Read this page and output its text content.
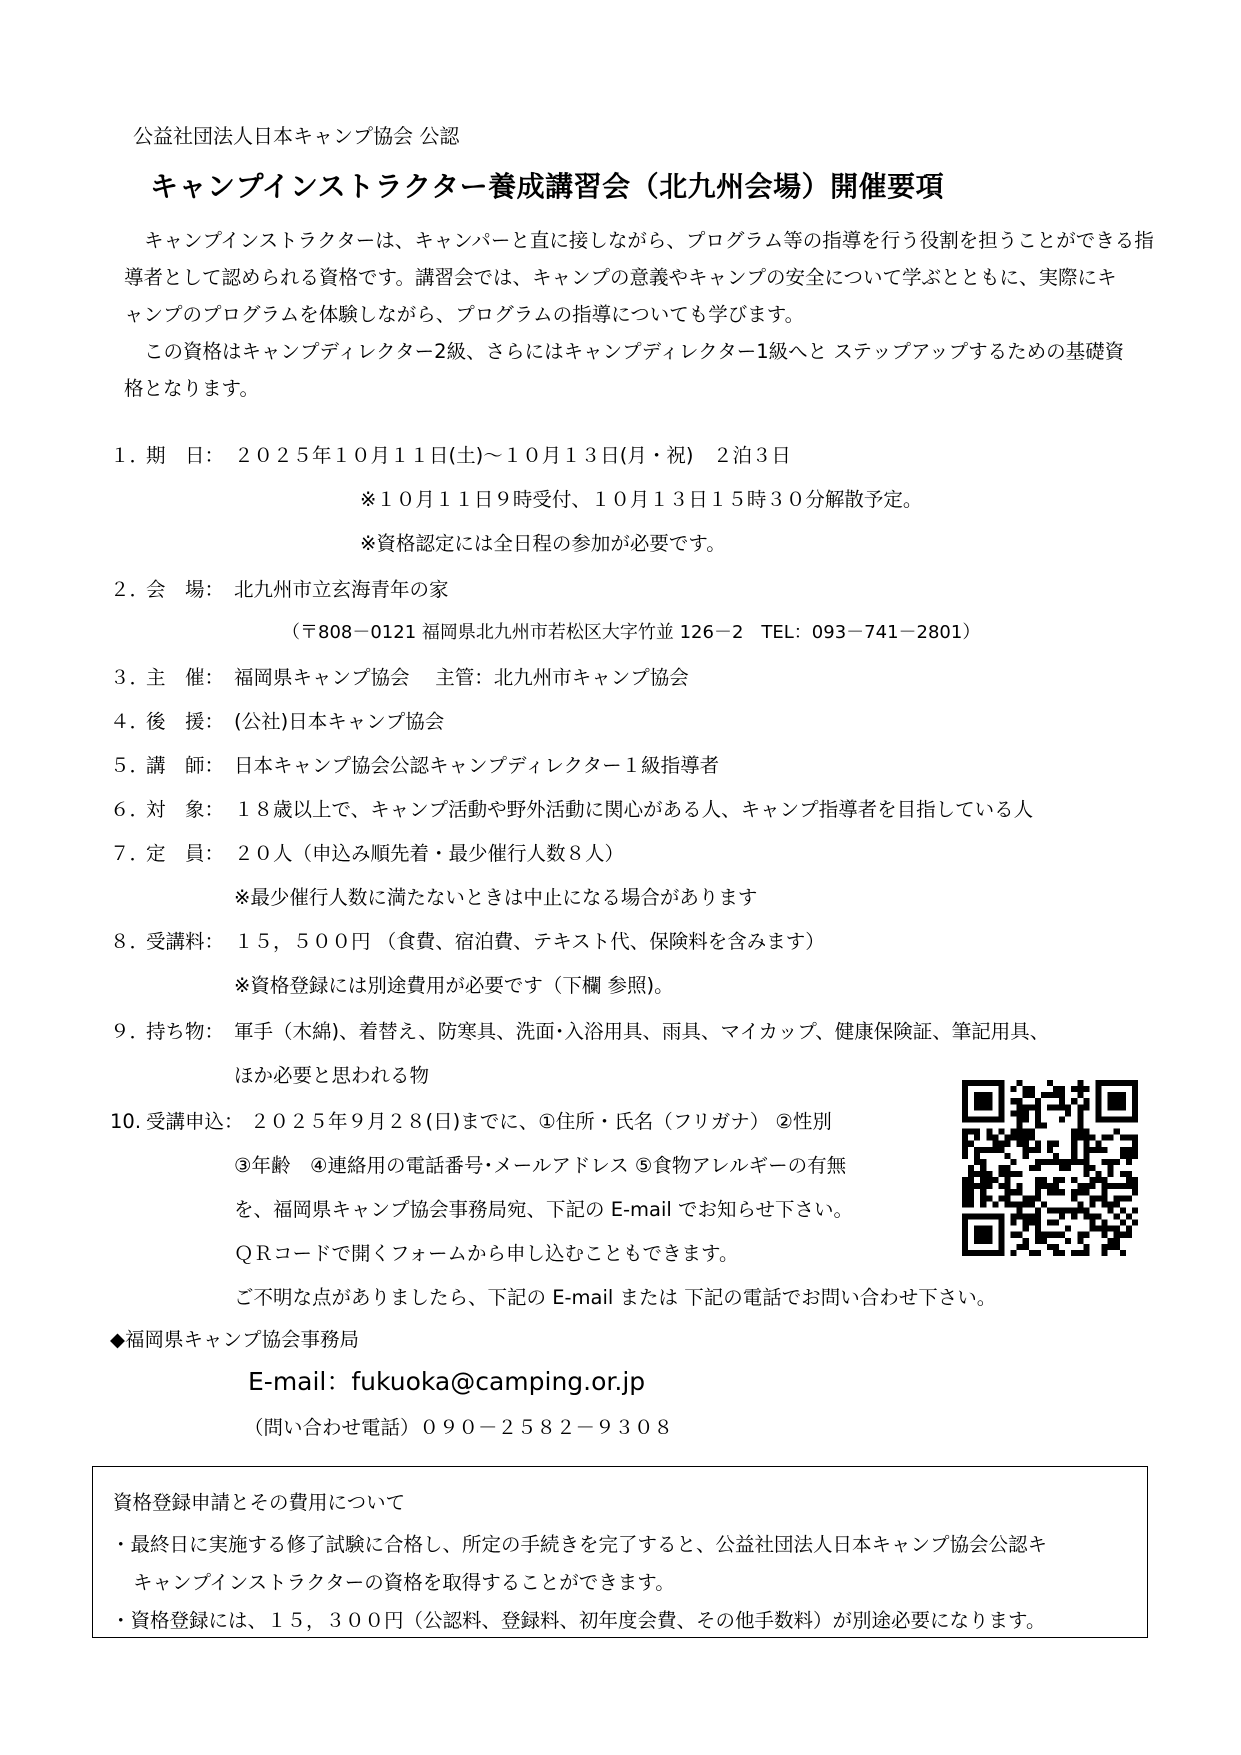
公益社団法人日本キャンプ協会 公認
キャンプインストラクター養成講習会（北九州会場）開催要項

キャンプインストラクターは、キャンパーと直に接しながら、プログラム等の指導を行う役割を担うことができる指

導者として認められる資格です。講習会では、キャンプの意義やキャンプの安全について学ぶとともに、実際にキ

ャンプのプログラムを体験しながら、プログラムの指導についても学びます。

この資格はキャンプディレクター2級、さらにはキャンプディレクター1級へと ステップアップするための基礎資

格となります。

１．期　日： ２０２５年１０月１１日(土)～１０月１３日(月・祝)　２泊３日
※１０月１１日９時受付、１０月１３日１５時３０分解散予定。
※資格認定には全日程の参加が必要です。
２．会　場： 北九州市立玄海青年の家
（〒808－0121 福岡県北九州市若松区大字竹並 126－2　TEL：093－741－2801）
３．主　催： 福岡県キャンプ協会　 主管：北九州市キャンプ協会
４．後　援： (公社)日本キャンプ協会
５．講　師： 日本キャンプ協会公認キャンプディレクター１級指導者
６．対　象： １８歳以上で、キャンプ活動や野外活動に関心がある人、キャンプ指導者を目指している人
７．定　員： ２０人（申込み順先着・最少催行人数８人）
※最少催行人数に満たないときは中止になる場合があります
８．受講料： １５，５００円 （食費、宿泊費、テキスト代、保険料を含みます）
※資格登録には別途費用が必要です（下欄 参照)。
９．持ち物： 軍手（木綿)、着替え、防寒具、洗面･入浴用具、雨具、マイカップ、健康保険証、筆記用具、
ほか必要と思われる物
10. 受講申込： ２０２５年９月２８(日)までに、①住所・氏名（フリガナ） ②性別
③年齢　④連絡用の電話番号･メールアドレス ⑤食物アレルギーの有無
を、福岡県キャンプ協会事務局宛、下記の E-mail でお知らせ下さい。
ＱＲコードで開くフォームから申し込むこともできます。
ご不明な点がありましたら、下記の E-mail または 下記の電話でお問い合わせ下さい。
◆福岡県キャンプ協会事務局
E-mail：fukuoka@camping.or.jp
（問い合わせ電話）０９０－２５８２－９３０８
資格登録申請とその費用について
・最終日に実施する修了試験に合格し、所定の手続きを完了すると、公益社団法人日本キャンプ協会公認キ
キャンプインストラクターの資格を取得することができます。
・資格登録には、１５，３００円（公認料、登録料、初年度会費、その他手数料）が別途必要になります。
